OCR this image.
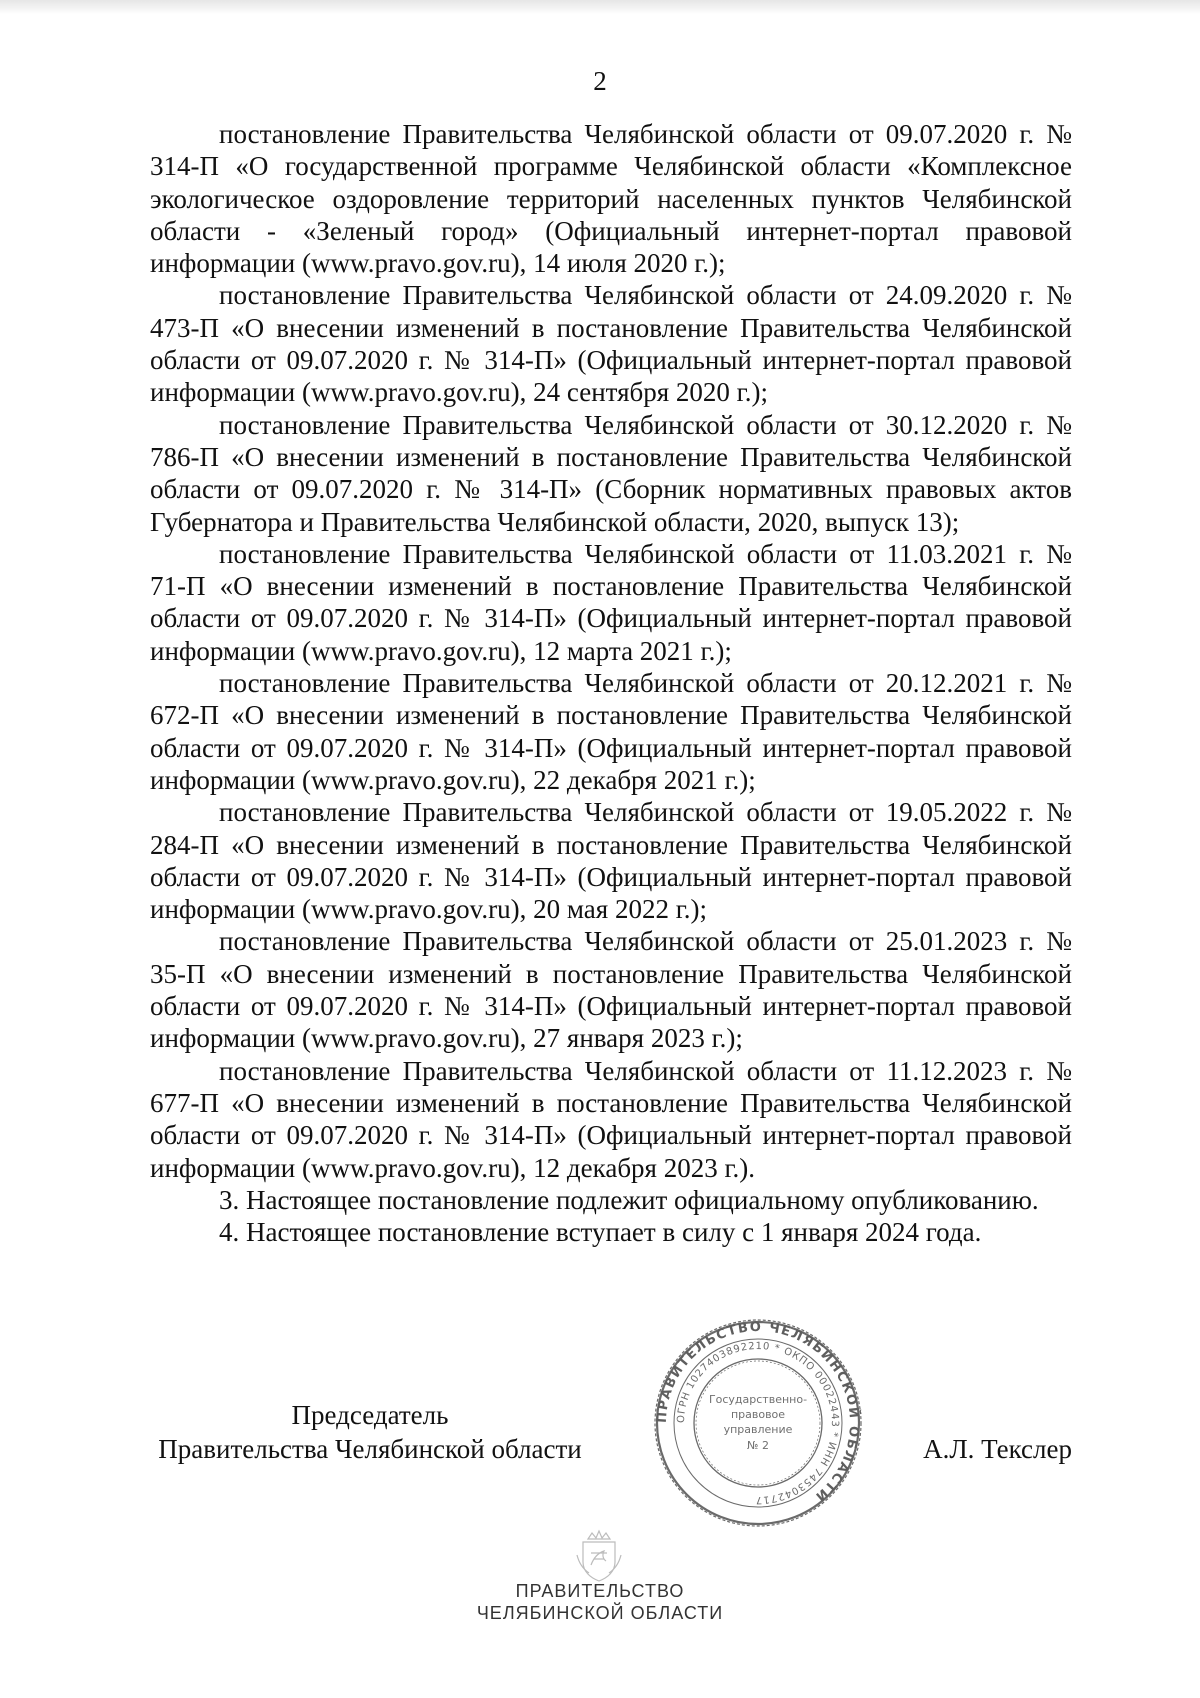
2

постановление Правительства Челябинской области от 09.07.2020 г. № 314-П «О государственной программе Челябинской области «Комплексное экологическое оздоровление территорий населенных пунктов Челябинской области - «Зеленый город» (Официальный интернет-портал правовой информации (www.pravo.gov.ru), 14 июля 2020 г.);

постановление Правительства Челябинской области от 24.09.2020 г. № 473-П «О внесении изменений в постановление Правительства Челябинской области от 09.07.2020 г. № 314-П» (Официальный интернет-портал правовой информации (www.pravo.gov.ru), 24 сентября 2020 г.);

постановление Правительства Челябинской области от 30.12.2020 г. № 786-П «О внесении изменений в постановление Правительства Челябинской области от 09.07.2020 г. № 314-П» (Сборник нормативных правовых актов Губернатора и Правительства Челябинской области, 2020, выпуск 13);

постановление Правительства Челябинской области от 11.03.2021 г. № 71-П «О внесении изменений в постановление Правительства Челябинской области от 09.07.2020 г. № 314-П» (Официальный интернет-портал правовой информации (www.pravo.gov.ru), 12 марта 2021 г.);

постановление Правительства Челябинской области от 20.12.2021 г. № 672-П «О внесении изменений в постановление Правительства Челябинской области от 09.07.2020 г. № 314-П» (Официальный интернет-портал правовой информации (www.pravo.gov.ru), 22 декабря 2021 г.);

постановление Правительства Челябинской области от 19.05.2022 г. № 284-П «О внесении изменений в постановление Правительства Челябинской области от 09.07.2020 г. № 314-П» (Официальный интернет-портал правовой информации (www.pravo.gov.ru), 20 мая 2022 г.);

постановление Правительства Челябинской области от 25.01.2023 г. № 35-П «О внесении изменений в постановление Правительства Челябинской области от 09.07.2020 г. № 314-П» (Официальный интернет-портал правовой информации (www.pravo.gov.ru), 27 января 2023 г.);

постановление Правительства Челябинской области от 11.12.2023 г. № 677-П «О внесении изменений в постановление Правительства Челябинской области от 09.07.2020 г. № 314-П» (Официальный интернет-портал правовой информации (www.pravo.gov.ru), 12 декабря 2023 г.).

3. Настоящее постановление подлежит официальному опубликованию.

4. Настоящее постановление вступает в силу с 1 января 2024 года.

Председатель
Правительства Челябинской области	А.Л. Текслер
ПРАВИТЕЛЬСТВО ЧЕЛЯБИНСКОЙ ОБЛАСТИ
ОГРН 1027403892210 * ОКПО 00022443 * ИНН 7453042717
Государственно-
правовое
управление
№ 2
ПРАВИТЕЛЬСТВО
ЧЕЛЯБИНСКОЙ ОБЛАСТИ
